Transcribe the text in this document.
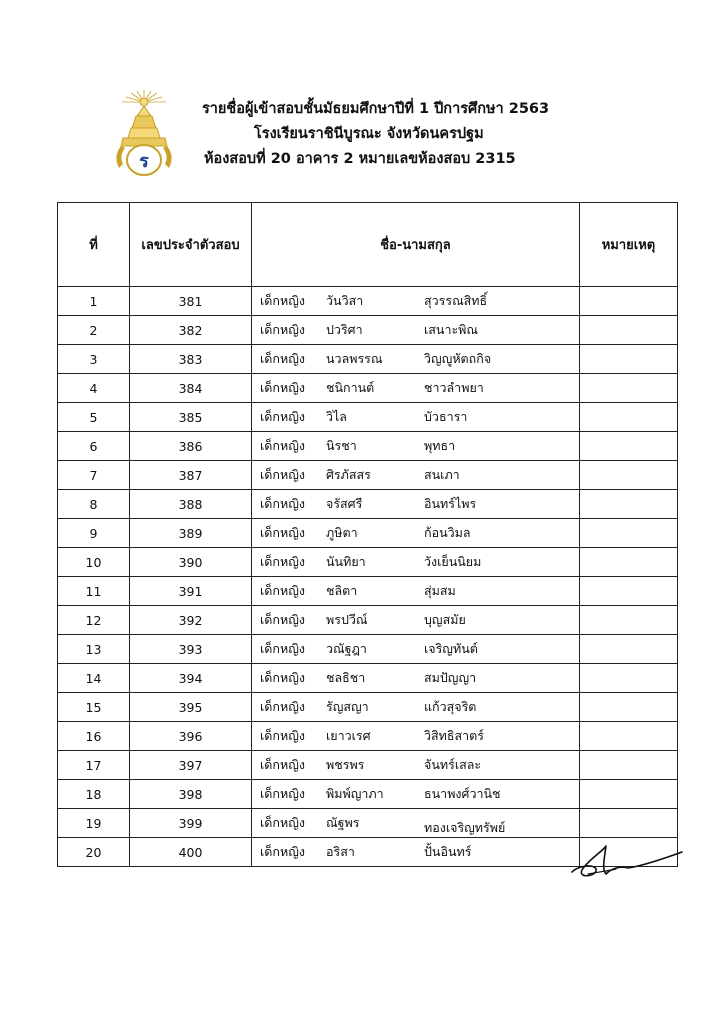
ร
รายชื่อผู้เข้าสอบชั้นมัธยมศึกษาปีที่ 1 ปีการศึกษา 2563
โรงเรียนราชินีบูรณะ จังหวัดนครปฐม
ห้องสอบที่ 20 อาคาร 2 หมายเลขห้องสอบ 2315
ที่	เลขประจำตัวสอบ	ชื่อ-นามสกุล	หมายเหตุ
1	381	เด็กหญิง วันวิสา สุวรรณสิทธิ์	

2	382	เด็กหญิง ปวริศา เสนาะพิณ	

3	383	เด็กหญิง นวลพรรณ วิญญูหัตถกิจ	

4	384	เด็กหญิง ชนิกานต์ ชาวลำพยา	

5	385	เด็กหญิง วิไล บัวธารา	

6	386	เด็กหญิง นิรชา พุทธา	

7	387	เด็กหญิง ศิรภัสสร สนเภา	

8	388	เด็กหญิง จรัสศรี อินทร์ไพร	

9	389	เด็กหญิง ภูษิตา ก้อนวิมล	

10	390	เด็กหญิง นันทิยา วังเย็นนิยม	

11	391	เด็กหญิง ชลิตา สุ่มสม	

12	392	เด็กหญิง พรปวีณ์ บุญสมัย	

13	393	เด็กหญิง วณัฐฎา เจริญทันต์	

14	394	เด็กหญิง ชลธิชา สมปัญญา	

15	395	เด็กหญิง รัญสญา แก้วสุจริต	

16	396	เด็กหญิง เยาวเรศ วิสิทธิสาตร์	

17	397	เด็กหญิง พชรพร จันทร์เสละ	

18	398	เด็กหญิง พิมพ์ญาภา ธนาพงศ์วานิช	

19	399	เด็กหญิง ณัฐพร ทองเจริญทรัพย์	

20	400	เด็กหญิง อริสา ปั้นอินทร์	
